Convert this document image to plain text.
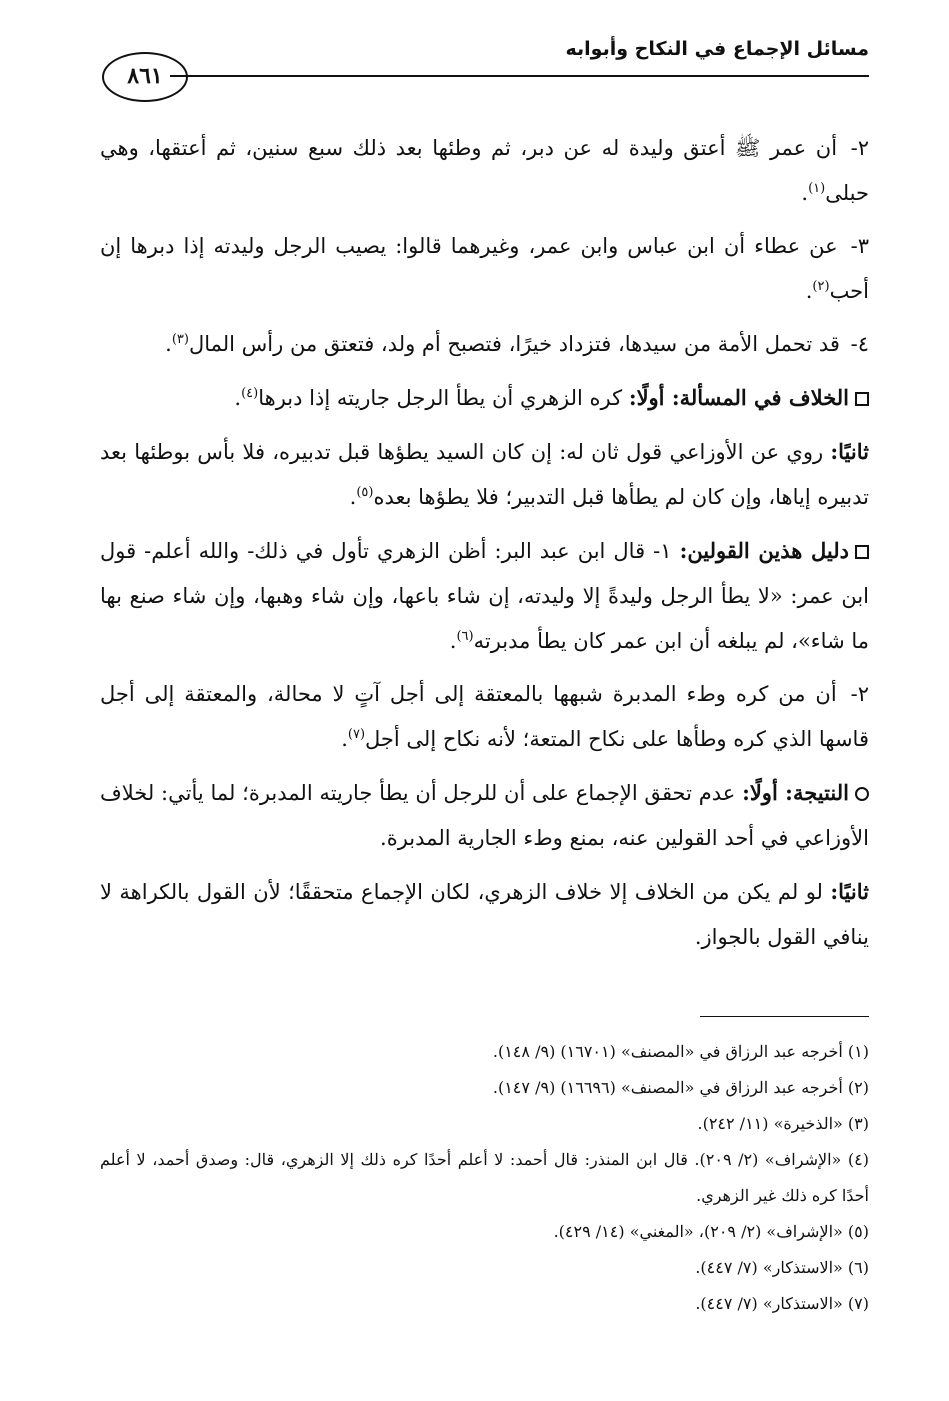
مسائل الإجماع في النكاح وأبوابه
٨٦١

٢- أن عمر ﷺ أعتق وليدة له عن دبر، ثم وطئها بعد ذلك سبع سنين، ثم أعتقها، وهي حبلى$^{(١)}$.

٣- عن عطاء أن ابن عباس وابن عمر، وغيرهما قالوا: يصيب الرجل وليدته إذا دبرها إن أحب$^{(٢)}$.

٤- قد تحمل الأمة من سيدها، فتزداد خيرًا، فتصبح أم ولد، فتعتق من رأس المال$^{(٣)}$.

الخلاف في المسألة: أولًا: كره الزهري أن يطأ الرجل جاريته إذا دبرها$^{(٤)}$.

ثانيًا: روي عن الأوزاعي قول ثان له: إن كان السيد يطؤها قبل تدبيره، فلا بأس بوطئها بعد تدبيره إياها، وإن كان لم يطأها قبل التدبير؛ فلا يطؤها بعده$^{(٥)}$.

دليل هذين القولين: ١- قال ابن عبد البر: أظن الزهري تأول في ذلك- والله أعلم- قول ابن عمر: «لا يطأ الرجل وليدةً إلا وليدته، إن شاء باعها، وإن شاء وهبها، وإن شاء صنع بها ما شاء»، لم يبلغه أن ابن عمر كان يطأ مدبرته$^{(٦)}$.

٢- أن من كره وطء المدبرة شبهها بالمعتقة إلى أجل آتٍ لا محالة، والمعتقة إلى أجل قاسها الذي كره وطأها على نكاح المتعة؛ لأنه نكاح إلى أجل$^{(٧)}$.

النتيجة: أولًا: عدم تحقق الإجماع على أن للرجل أن يطأ جاريته المدبرة؛ لما يأتي: لخلاف الأوزاعي في أحد القولين عنه، بمنع وطء الجارية المدبرة.

ثانيًا: لو لم يكن من الخلاف إلا خلاف الزهري، لكان الإجماع متحققًا؛ لأن القول بالكراهة لا ينافي القول بالجواز.

(١) أخرجه عبد الرزاق في «المصنف» (١٦٧٠١) (٩/ ١٤٨).

(٢) أخرجه عبد الرزاق في «المصنف» (١٦٦٩٦) (٩/ ١٤٧).

(٣) «الذخيرة» (١١/ ٢٤٢).

(٤) «الإشراف» (٢/ ٢٠٩). قال ابن المنذر: قال أحمد: لا أعلم أحدًا كره ذلك إلا الزهري، قال: وصدق أحمد، لا أعلم أحدًا كره ذلك غير الزهري.

(٥) «الإشراف» (٢/ ٢٠٩)، «المغني» (١٤/ ٤٢٩).

(٦) «الاستذكار» (٧/ ٤٤٧).

(٧) «الاستذكار» (٧/ ٤٤٧).
